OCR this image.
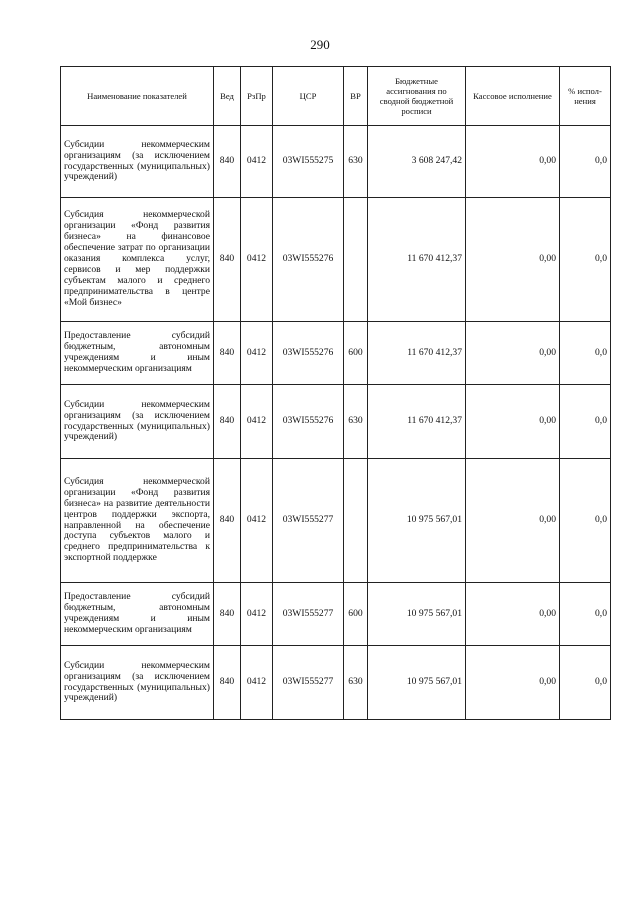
290
Наименование показателей	Вед	РзПр	ЦСР	ВР	Бюджетные ассигнования по сводной бюджетной росписи	Кассовое исполнение	% испол-нения
Субсидии некоммерческим организациям (за исключением государственных (муниципальных) учреждений)	840	0412	03WI555275	630	3 608 247,42	0,00	0,0
Субсидия некоммерческой организации «Фонд развития бизнеса» на финансовое обеспечение затрат по организации оказания комплекса услуг, сервисов и мер поддержки субъектам малого и среднего предпринимательства в центре «Мой бизнес»	840	0412	03WI555276		11 670 412,37	0,00	0,0
Предоставление субсидий бюджетным, автономным учреждениям и иным некоммерческим организациям	840	0412	03WI555276	600	11 670 412,37	0,00	0,0
Субсидии некоммерческим организациям (за исключением государственных (муниципальных) учреждений)	840	0412	03WI555276	630	11 670 412,37	0,00	0,0
Субсидия некоммерческой организации «Фонд развития бизнеса» на развитие деятельности центров поддержки экспорта, направленной на обеспечение доступа субъектов малого и среднего предпринимательства к экспортной поддержке	840	0412	03WI555277		10 975 567,01	0,00	0,0
Предоставление субсидий бюджетным, автономным учреждениям и иным некоммерческим организациям	840	0412	03WI555277	600	10 975 567,01	0,00	0,0
Субсидии некоммерческим организациям (за исключением государственных (муниципальных) учреждений)	840	0412	03WI555277	630	10 975 567,01	0,00	0,0
